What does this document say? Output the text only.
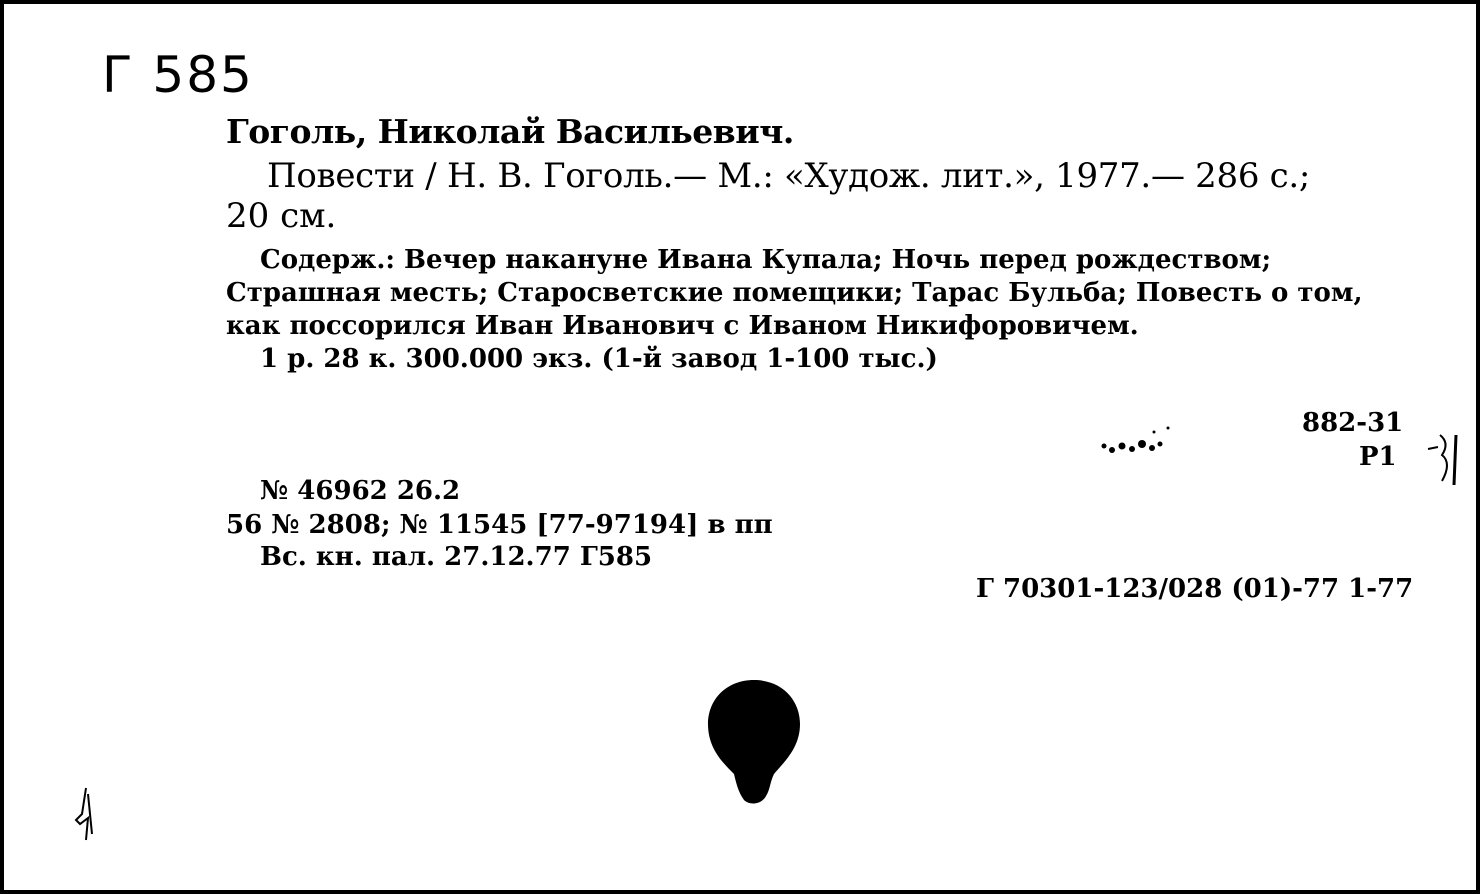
Г 585
Гоголь, Николай Васильевич.
Повести / Н. В. Гоголь.— М.: «Худож. лит.», 1977.— 286 с.;
20 см.
Содерж.: Вечер накануне Ивана Купала; Ночь перед рождеством;
Страшная месть; Старосветские помещики; Тарас Бульба; Повесть о том,
как поссорился Иван Иванович с Иваном Никифоровичем.
1 р. 28 к. 300.000 экз. (1-й завод 1-100 тыс.)
882-31
Р1
№ 46962 26.2
56 № 2808; № 11545 [77-97194] в пп
Вс. кн. пал. 27.12.77 Г585
Г 70301-123/028 (01)-77 1-77
